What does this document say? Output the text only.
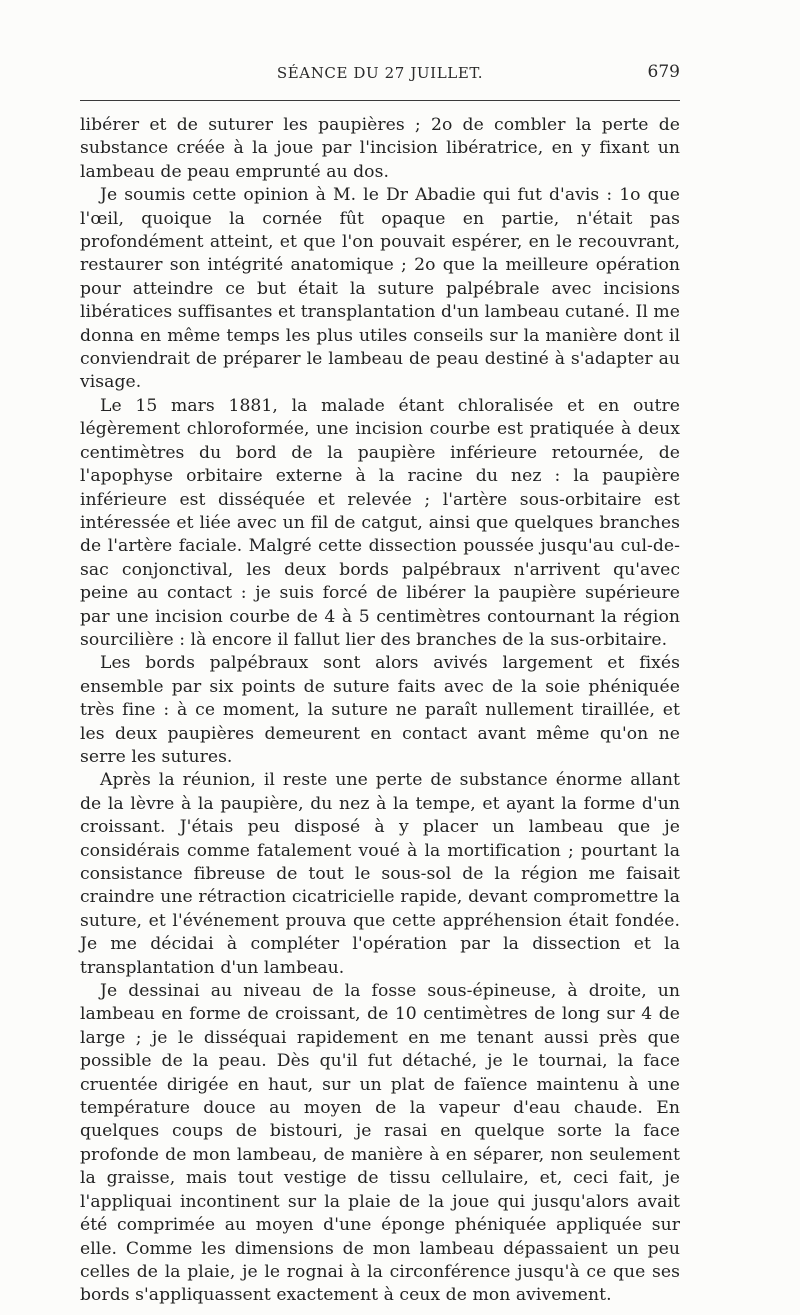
SÉANCE DU 27 JUILLET.	679

libérer et de suturer les paupières ; 2o de combler la perte de substance créée à la joue par l'incision libératrice, en y fixant un lambeau de peau emprunté au dos.

Je soumis cette opinion à M. le Dr Abadie qui fut d'avis : 1o que l'œil, quoique la cornée fût opaque en partie, n'était pas profondément atteint, et que l'on pouvait espérer, en le recouvrant, restaurer son intégrité anatomique ; 2o que la meilleure opération pour atteindre ce but était la suture palpébrale avec incisions libératices suffisantes et transplantation d'un lambeau cutané. Il me donna en même temps les plus utiles conseils sur la manière dont il conviendrait de préparer le lambeau de peau destiné à s'adapter au visage.

Le 15 mars 1881, la malade étant chloralisée et en outre légèrement chloroformée, une incision courbe est pratiquée à deux centimètres du bord de la paupière inférieure retournée, de l'apophyse orbitaire externe à la racine du nez : la paupière inférieure est disséquée et relevée ; l'artère sous-orbitaire est intéressée et liée avec un fil de catgut, ainsi que quelques branches de l'artère faciale. Malgré cette dissection poussée jusqu'au cul-de-sac conjonctival, les deux bords palpébraux n'arrivent qu'avec peine au contact : je suis forcé de libérer la paupière supérieure par une incision courbe de 4 à 5 centimètres contournant la région sourcilière : là encore il fallut lier des branches de la sus-orbitaire.

Les bords palpébraux sont alors avivés largement et fixés ensemble par six points de suture faits avec de la soie phéniquée très fine : à ce moment, la suture ne paraît nullement tiraillée, et les deux paupières demeurent en contact avant même qu'on ne serre les sutures.

Après la réunion, il reste une perte de substance énorme allant de la lèvre à la paupière, du nez à la tempe, et ayant la forme d'un croissant. J'étais peu disposé à y placer un lambeau que je considérais comme fatalement voué à la mortification ; pourtant la consistance fibreuse de tout le sous-sol de la région me faisait craindre une rétraction cicatricielle rapide, devant compromettre la suture, et l'événement prouva que cette appréhension était fondée. Je me décidai à compléter l'opération par la dissection et la transplantation d'un lambeau.

Je dessinai au niveau de la fosse sous-épineuse, à droite, un lambeau en forme de croissant, de 10 centimètres de long sur 4 de large ; je le disséquai rapidement en me tenant aussi près que possible de la peau. Dès qu'il fut détaché, je le tournai, la face cruentée dirigée en haut, sur un plat de faïence maintenu à une température douce au moyen de la vapeur d'eau chaude. En quelques coups de bistouri, je rasai en quelque sorte la face profonde de mon lambeau, de manière à en séparer, non seulement la graisse, mais tout vestige de tissu cellulaire, et, ceci fait, je l'appliquai incontinent sur la plaie de la joue qui jusqu'alors avait été comprimée au moyen d'une éponge phéniquée appliquée sur elle. Comme les dimensions de mon lambeau dépassaient un peu celles de la plaie, je le rognai à la circonférence jusqu'à ce que ses bords s'appliquassent exactement à ceux de mon avivement.
